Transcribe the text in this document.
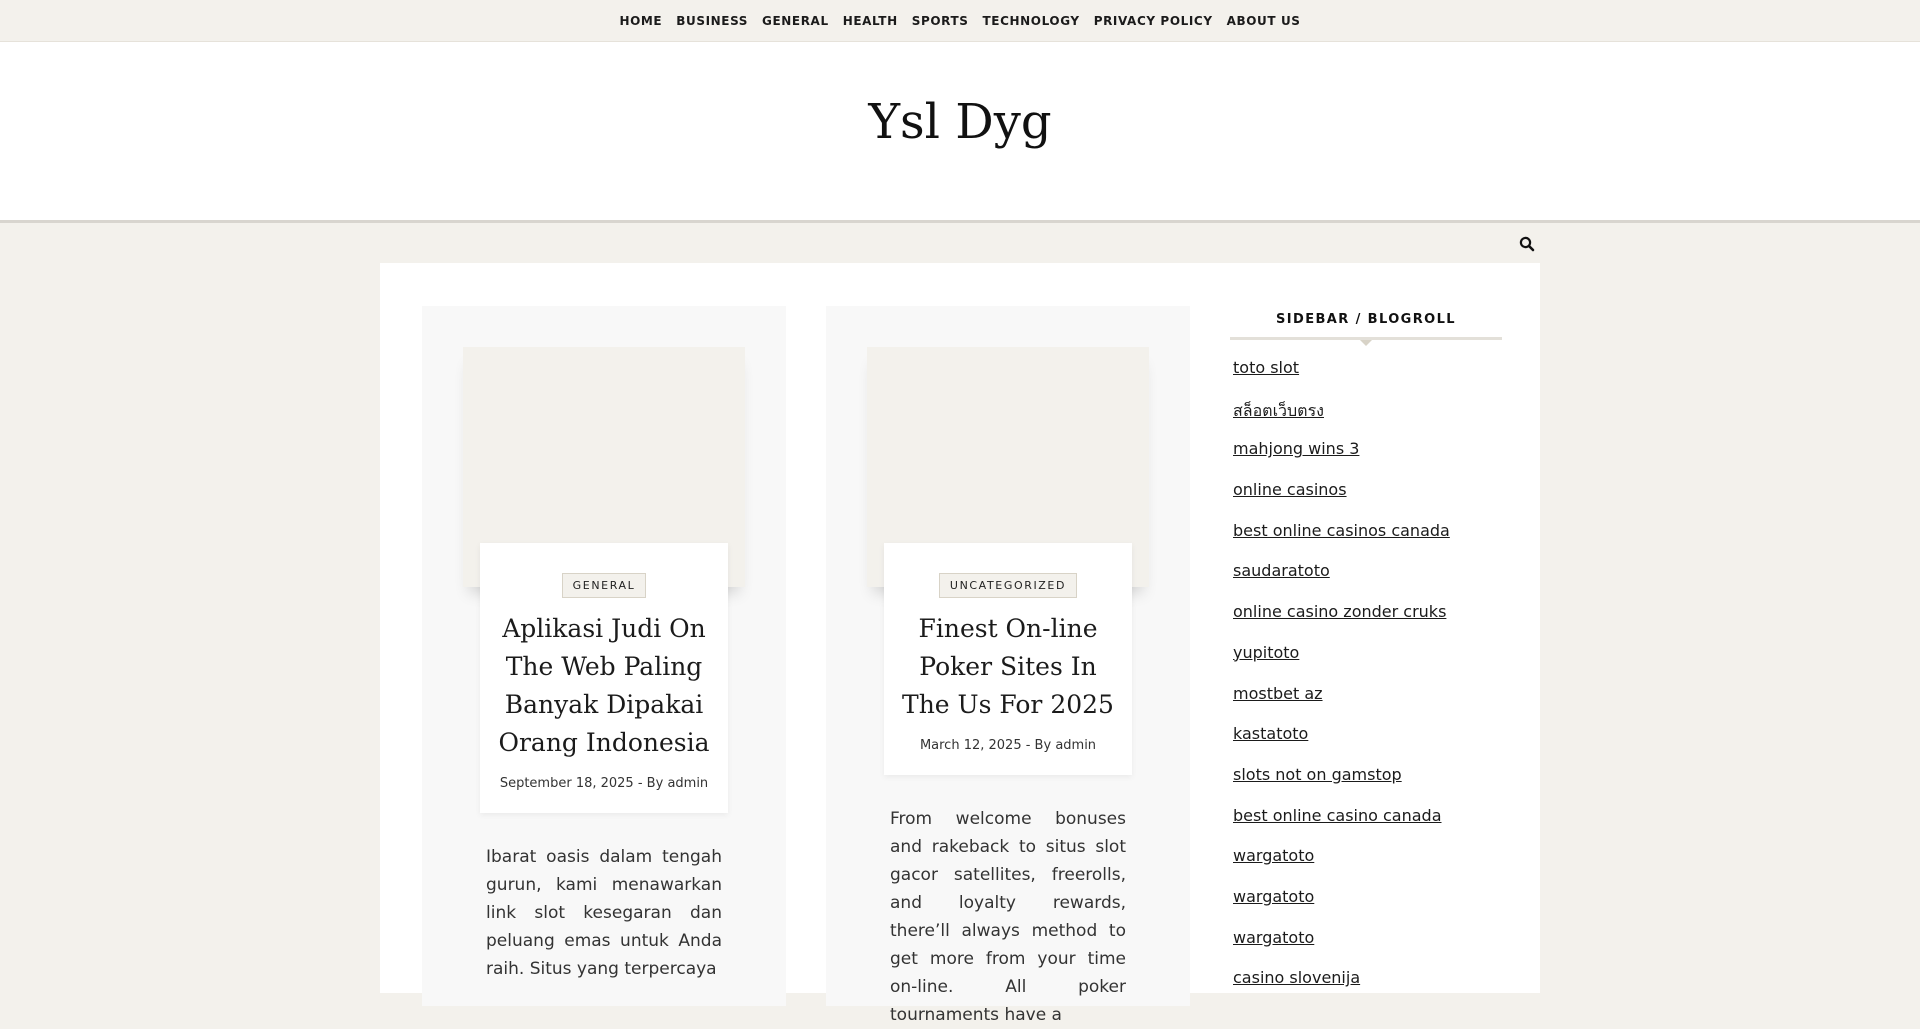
HOME BUSINESS GENERAL HEALTH SPORTS TECHNOLOGY PRIVACY POLICY ABOUT US
Ysl Dyg
GENERAL
Aplikasi Judi On The Web Paling Banyak Dipakai Orang Indonesia
September 18, 2025 - By admin

Ibarat oasis dalam tengah gurun, kami menawarkan link slot kesegaran dan peluang emas untuk Anda raih. Situs yang terpercaya

UNCATEGORIZED
Finest On-line Poker Sites In The Us For 2025
March 12, 2025 - By admin

From welcome bonuses and rakeback to situs slot gacor satellites, freerolls, and loyalty rewards, there’ll always method to get more from your time on-line. All poker tournaments have a

SIDEBAR / BLOGROLL
toto slot
สล็อตเว็บตรง
mahjong wins 3
online casinos
best online casinos canada
saudaratoto
online casino zonder cruks
yupitoto
mostbet az
kastatoto
slots not on gamstop
best online casino canada
wargatoto
wargatoto
wargatoto
casino slovenija
